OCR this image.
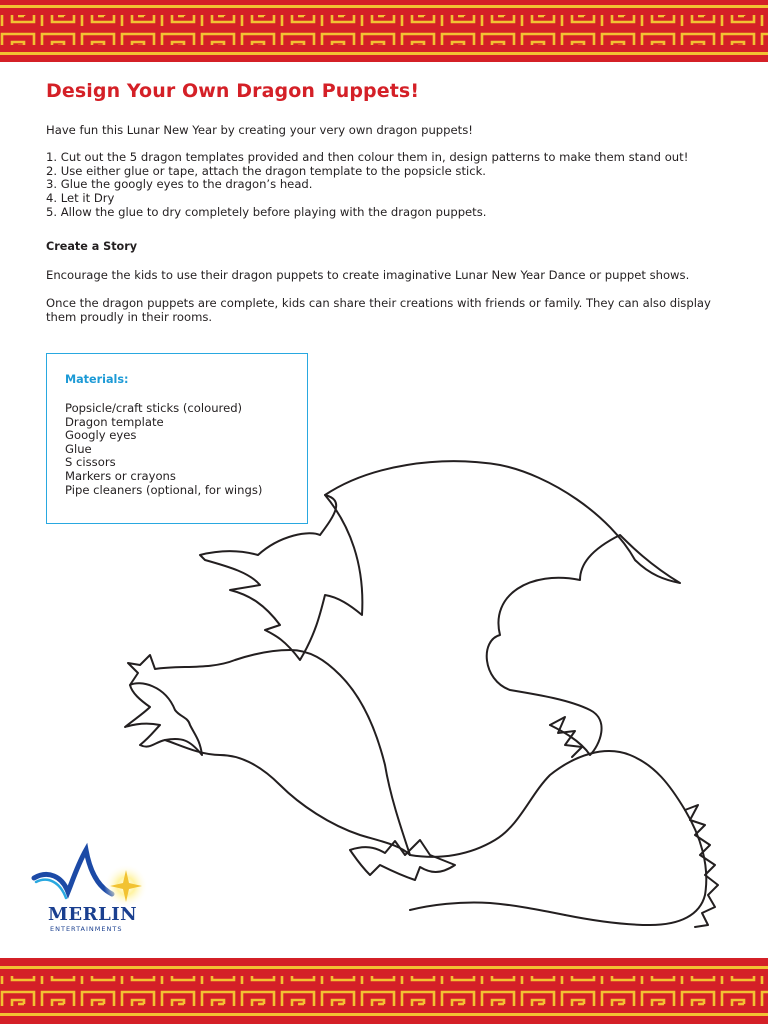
Design Your Own Dragon Puppets!
Have fun this Lunar New Year by creating your very own dragon puppets!
1. Cut out the 5 dragon templates provided and then colour them in, design patterns to make them stand out!
2. Use either glue or tape, attach the dragon template to the popsicle stick.
3. Glue the googly eyes to the dragon’s head.
4. Let it Dry
5. Allow the glue to dry completely before playing with the dragon puppets.
Create a Story
Encourage the kids to use their dragon puppets to create imaginative Lunar New Year Dance or puppet shows.
Once the dragon puppets are complete, kids can share their creations with friends or family. They can also display them proudly in their rooms.
Materials:
Popsicle/craft sticks (coloured)
Dragon template
Googly eyes
Glue
S cissors
Markers or crayons
Pipe cleaners (optional, for wings)
MERLIN
ENTERTAINMENTS
